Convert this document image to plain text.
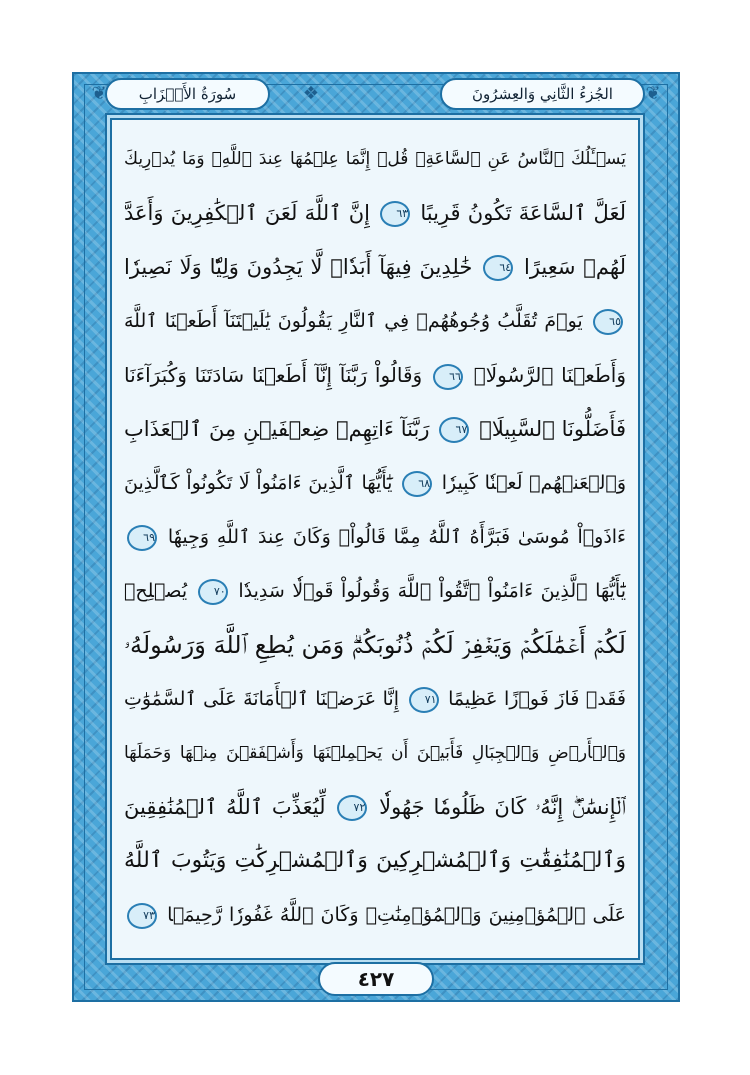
الجُزءُ الثَّانِي وَالعِشرُونَ
سُورَةُ الأَحۡزَابِ
❦	❦
❖
يَسۡـَٔلُكَ ٱلنَّاسُ عَنِ ٱلسَّاعَةِۖ قُلۡ إِنَّمَا عِلۡمُهَا عِندَ ٱللَّهِۚ وَمَا يُدۡرِيكَ
لَعَلَّ ٱلسَّاعَةَ تَكُونُ قَرِيبًا ٦٣ إِنَّ ٱللَّهَ لَعَنَ ٱلۡكَٰفِرِينَ وَأَعَدَّ
لَهُمۡ سَعِيرًا ٦٤ خَٰلِدِينَ فِيهَآ أَبَدٗاۖ لَّا يَجِدُونَ وَلِيّٗا وَلَا نَصِيرٗا
٦٥ يَوۡمَ تُقَلَّبُ وُجُوهُهُمۡ فِي ٱلنَّارِ يَقُولُونَ يَٰلَيۡتَنَآ أَطَعۡنَا ٱللَّهَ
وَأَطَعۡنَا ٱلرَّسُولَا۠ ٦٦ وَقَالُواْ رَبَّنَآ إِنَّآ أَطَعۡنَا سَادَتَنَا وَكُبَرَآءَنَا
فَأَضَلُّونَا ٱلسَّبِيلَا۠ ٦٧ رَبَّنَآ ءَاتِهِمۡ ضِعۡفَيۡنِ مِنَ ٱلۡعَذَابِ
وَٱلۡعَنۡهُمۡ لَعۡنٗا كَبِيرٗا ٦٨ يَٰٓأَيُّهَا ٱلَّذِينَ ءَامَنُواْ لَا تَكُونُواْ كَٱلَّذِينَ
ءَاذَوۡاْ مُوسَىٰ فَبَرَّأَهُ ٱللَّهُ مِمَّا قَالُواْۚ وَكَانَ عِندَ ٱللَّهِ وَجِيهٗا ٦٩
يَٰٓأَيُّهَا ٱلَّذِينَ ءَامَنُواْ ٱتَّقُواْ ٱللَّهَ وَقُولُواْ قَوۡلٗا سَدِيدٗا ٧٠ يُصۡلِحۡ
لَكُمۡ أَعۡمَٰلَكُمۡ وَيَغۡفِرۡ لَكُمۡ ذُنُوبَكُمۡۗ وَمَن يُطِعِ ٱللَّهَ وَرَسُولَهُۥ
فَقَدۡ فَازَ فَوۡزًا عَظِيمًا ٧١ إِنَّا عَرَضۡنَا ٱلۡأَمَانَةَ عَلَى ٱلسَّمَٰوَٰتِ
وَٱلۡأَرۡضِ وَٱلۡجِبَالِ فَأَبَيۡنَ أَن يَحۡمِلۡنَهَا وَأَشۡفَقۡنَ مِنۡهَا وَحَمَلَهَا
ٱلۡإِنسَٰنُۖ إِنَّهُۥ كَانَ ظَلُومٗا جَهُولٗا ٧٢ لِّيُعَذِّبَ ٱللَّهُ ٱلۡمُنَٰفِقِينَ
وَٱلۡمُنَٰفِقَٰتِ وَٱلۡمُشۡرِكِينَ وَٱلۡمُشۡرِكَٰتِ وَيَتُوبَ ٱللَّهُ
عَلَى ٱلۡمُؤۡمِنِينَ وَٱلۡمُؤۡمِنَٰتِۗ وَكَانَ ٱللَّهُ غَفُورٗا رَّحِيمَۢا ٧٣
٤٢٧
